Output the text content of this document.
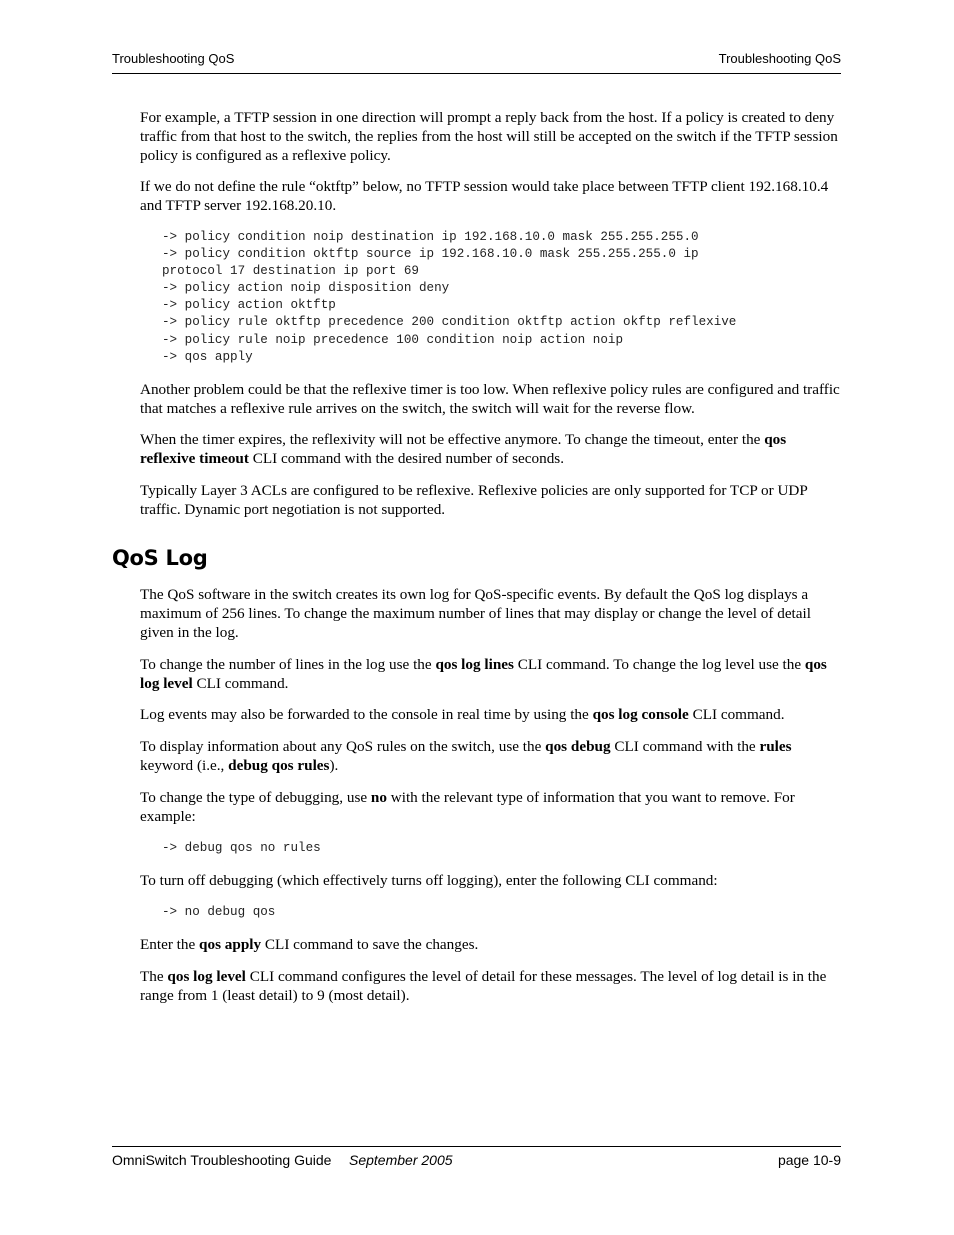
Troubleshooting QoS	Troubleshooting QoS
For example, a TFTP session in one direction will prompt a reply back from the host. If a policy is created to deny traffic from that host to the switch, the replies from the host will still be accepted on the switch if the TFTP session policy is configured as a reflexive policy.
If we do not define the rule “oktftp” below, no TFTP session would take place between TFTP client 192.168.10.4 and TFTP server 192.168.20.10.
-> policy condition noip destination ip 192.168.10.0 mask 255.255.255.0
-> policy condition oktftp source ip 192.168.10.0 mask 255.255.255.0 ip
protocol 17 destination ip port 69
-> policy action noip disposition deny
-> policy action oktftp
-> policy rule oktftp precedence 200 condition oktftp action okftp reflexive
-> policy rule noip precedence 100 condition noip action noip
-> qos apply
Another problem could be that the reflexive timer is too low. When reflexive policy rules are configured and traffic that matches a reflexive rule arrives on the switch, the switch will wait for the reverse flow.
When the timer expires, the reflexivity will not be effective anymore. To change the timeout, enter the qos reflexive timeout CLI command with the desired number of seconds.
Typically Layer 3 ACLs are configured to be reflexive. Reflexive policies are only supported for TCP or UDP traffic. Dynamic port negotiation is not supported.
QoS Log
The QoS software in the switch creates its own log for QoS-specific events. By default the QoS log displays a maximum of 256 lines. To change the maximum number of lines that may display or change the level of detail given in the log.
To change the number of lines in the log use the qos log lines CLI command. To change the log level use the qos log level CLI command.
Log events may also be forwarded to the console in real time by using the qos log console CLI command.
To display information about any QoS rules on the switch, use the qos debug CLI command with the rules keyword (i.e., debug qos rules).
To change the type of debugging, use no with the relevant type of information that you want to remove. For example:
-> debug qos no rules
To turn off debugging (which effectively turns off logging), enter the following CLI command:
-> no debug qos
Enter the qos apply CLI command to save the changes.
The qos log level CLI command configures the level of detail for these messages. The level of log detail is in the range from 1 (least detail) to 9 (most detail).
OmniSwitch Troubleshooting Guide September 2005	page 10-9
